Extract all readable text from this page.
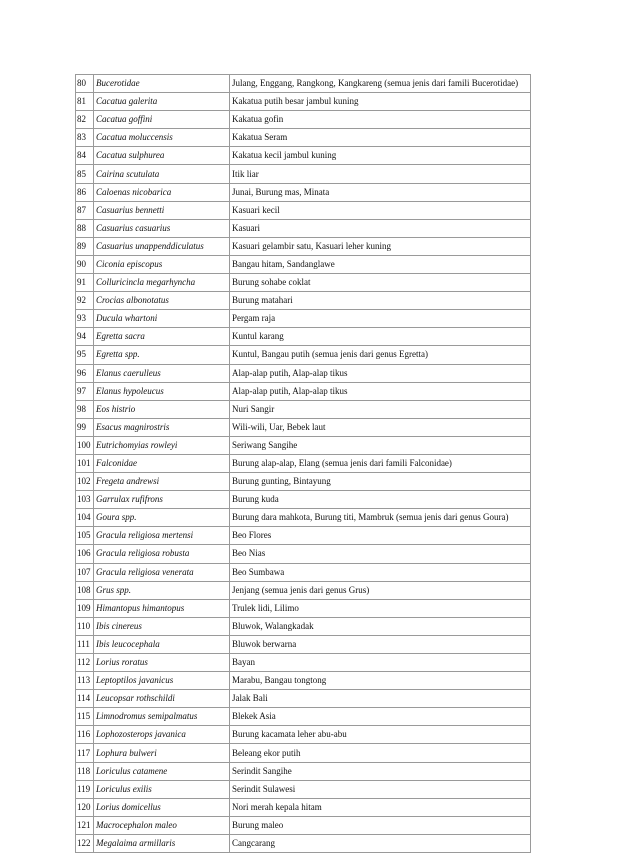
80	Bucerotidae	Julang, Enggang, Rangkong, Kangkareng (semua jenis dari famili Bucerotidae)
81	Cacatua galerita	Kakatua putih besar jambul kuning
82	Cacatua goffini	Kakatua gofin
83	Cacatua moluccensis	Kakatua Seram
84	Cacatua sulphurea	Kakatua kecil jambul kuning
85	Cairina scutulata	Itik liar
86	Caloenas nicobarica	Junai, Burung mas, Minata
87	Casuarius bennetti	Kasuari kecil
88	Casuarius casuarius	Kasuari
89	Casuarius unappenddiculatus	Kasuari gelambir satu, Kasuari leher kuning
90	Ciconia episcopus	Bangau hitam, Sandanglawe
91	Colluricincla megarhyncha	Burung sohabe coklat
92	Crocias albonotatus	Burung matahari
93	Ducula whartoni	Pergam raja
94	Egretta sacra	Kuntul karang
95	Egretta spp.	Kuntul, Bangau putih (semua jenis dari genus Egretta)
96	Elanus caerulleus	Alap-alap putih, Alap-alap tikus
97	Elanus hypoleucus	Alap-alap putih, Alap-alap tikus
98	Eos histrio	Nuri Sangir
99	Esacus magnirostris	Wili-wili, Uar, Bebek laut
100	Eutrichomyias rowleyi	Seriwang Sangihe
101	Falconidae	Burung alap-alap, Elang (semua jenis dari famili Falconidae)
102	Fregeta andrewsi	Burung gunting, Bintayung
103	Garrulax rufifrons	Burung kuda
104	Goura spp.	Burung dara mahkota, Burung titi, Mambruk (semua jenis dari genus Goura)
105	Gracula religiosa mertensi	Beo Flores
106	Gracula religiosa robusta	Beo Nias
107	Gracula religiosa venerata	Beo Sumbawa
108	Grus spp.	Jenjang (semua jenis dari genus Grus)
109	Himantopus himantopus	Trulek lidi, Lilimo
110	Ibis cinereus	Bluwok, Walangkadak
111	Ibis leucocephala	Bluwok berwarna
112	Lorius roratus	Bayan
113	Leptoptilos javanicus	Marabu, Bangau tongtong
114	Leucopsar rothschildi	Jalak Bali
115	Limnodromus semipalmatus	Blekek Asia
116	Lophozosterops javanica	Burung kacamata leher abu-abu
117	Lophura bulweri	Beleang ekor putih
118	Loriculus catamene	Serindit Sangihe
119	Loriculus exilis	Serindit Sulawesi
120	Lorius domicellus	Nori merah kepala hitam
121	Macrocephalon maleo	Burung maleo
122	Megalaima armillaris	Cangcarang
